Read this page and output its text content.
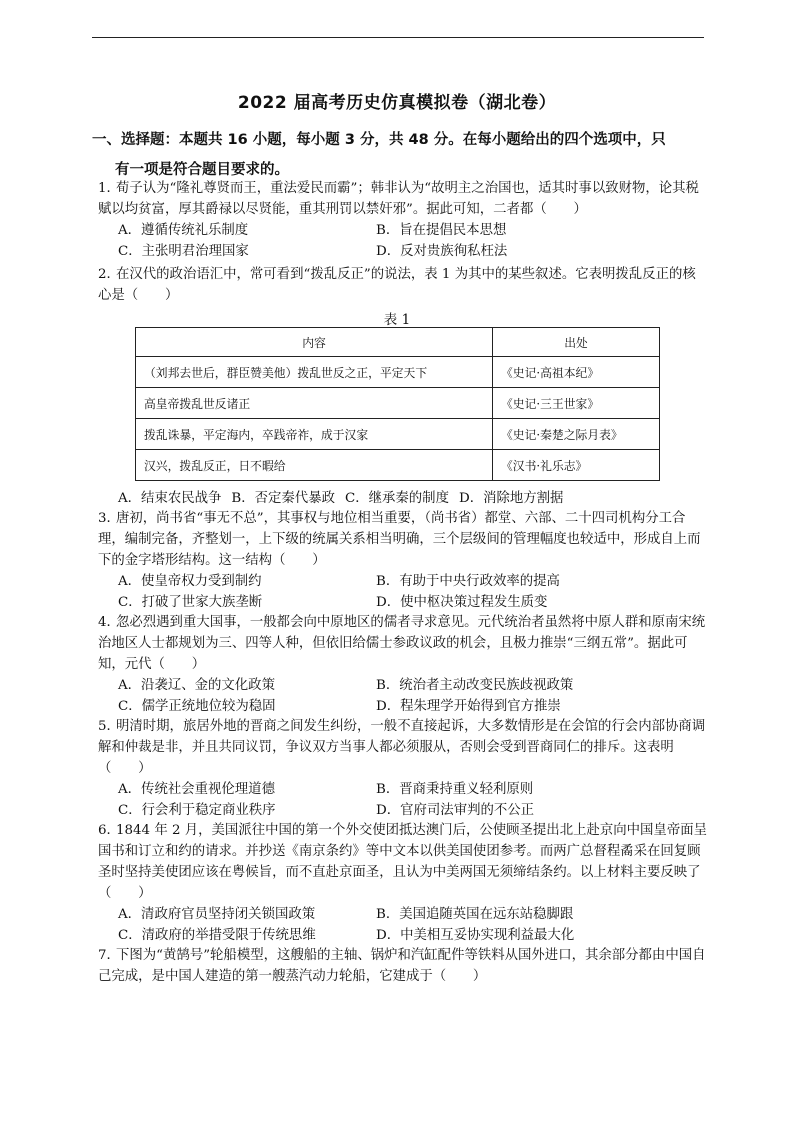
2022 届高考历史仿真模拟卷（湖北卷）
一、选择题：本题共 16 小题，每小题 3 分，共 48 分。在每小题给出的四个选项中，只
有一项是符合题目要求的。
1．荀子认为“隆礼尊贤而王，重法爱民而霸”；韩非认为“故明主之治国也，适其时事以致财物，论其税赋以均贫富，厚其爵禄以尽贤能，重其刑罚以禁奸邪”。据此可知，二者都（　　）
A．遵循传统礼乐制度	B．旨在提倡民本思想
C．主张明君治理国家	D．反对贵族徇私枉法
2．在汉代的政治语汇中，常可看到“拨乱反正”的说法，表 1 为其中的某些叙述。它表明拨乱反正的核心是（　　）
表 1
内容	出处
（刘邦去世后，群臣赞美他）拨乱世反之正，平定天下	《史记·高祖本纪》
高皇帝拨乱世反诸正	《史记·三王世家》
拨乱诛暴，平定海内，卒践帝祚，成于汉家	《史记·秦楚之际月表》
汉兴，拨乱反正，日不暇给	《汉书·礼乐志》
A．结束农民战争 B．否定秦代暴政 C．继承秦的制度 D．消除地方割据
3．唐初，尚书省“事无不总”，其事权与地位相当重要，（尚书省）都堂、六部、二十四司机构分工合理，编制完备，齐整划一，上下级的统属关系相当明确，三个层级间的管理幅度也较适中，形成自上而下的金字塔形结构。这一结构（　　）
A．使皇帝权力受到制约	B．有助于中央行政效率的提高
C．打破了世家大族垄断	D．使中枢决策过程发生质变
4．忽必烈遇到重大国事，一般都会向中原地区的儒者寻求意见。元代统治者虽然将中原人群和原南宋统治地区人士都规划为三、四等人种，但依旧给儒士参政议政的机会，且极力推崇“三纲五常”。据此可知，元代（　　）
A．沿袭辽、金的文化政策	B．统治者主动改变民族歧视政策
C．儒学正统地位较为稳固	D．程朱理学开始得到官方推崇
5．明清时期，旅居外地的晋商之间发生纠纷，一般不直接起诉，大多数情形是在会馆的行会内部协商调解和仲裁是非，并且共同议罚，争议双方当事人都必须服从，否则会受到晋商同仁的排斥。这表明（　　）
A．传统社会重视伦理道德	B．晋商秉持重义轻利原则
C．行会利于稳定商业秩序	D．官府司法审判的不公正
6．1844 年 2 月，美国派往中国的第一个外交使团抵达澳门后，公使顾圣提出北上赴京向中国皇帝面呈国书和订立和约的请求。并抄送《南京条约》等中文本以供美国使团参考。而两广总督程矞采在回复顾圣时坚持美使团应该在粤候旨，而不直赴京面圣，且认为中美两国无须缔结条约。以上材料主要反映了（　　）
A．清政府官员坚持闭关锁国政策	B．美国追随英国在远东站稳脚跟
C．清政府的举措受限于传统思维	D．中美相互妥协实现利益最大化
7．下图为“黄鹄号”轮船模型，这艘船的主轴、锅炉和汽缸配件等铁料从国外进口，其余部分都由中国自己完成，是中国人建造的第一艘蒸汽动力轮船，它建成于（　　）
